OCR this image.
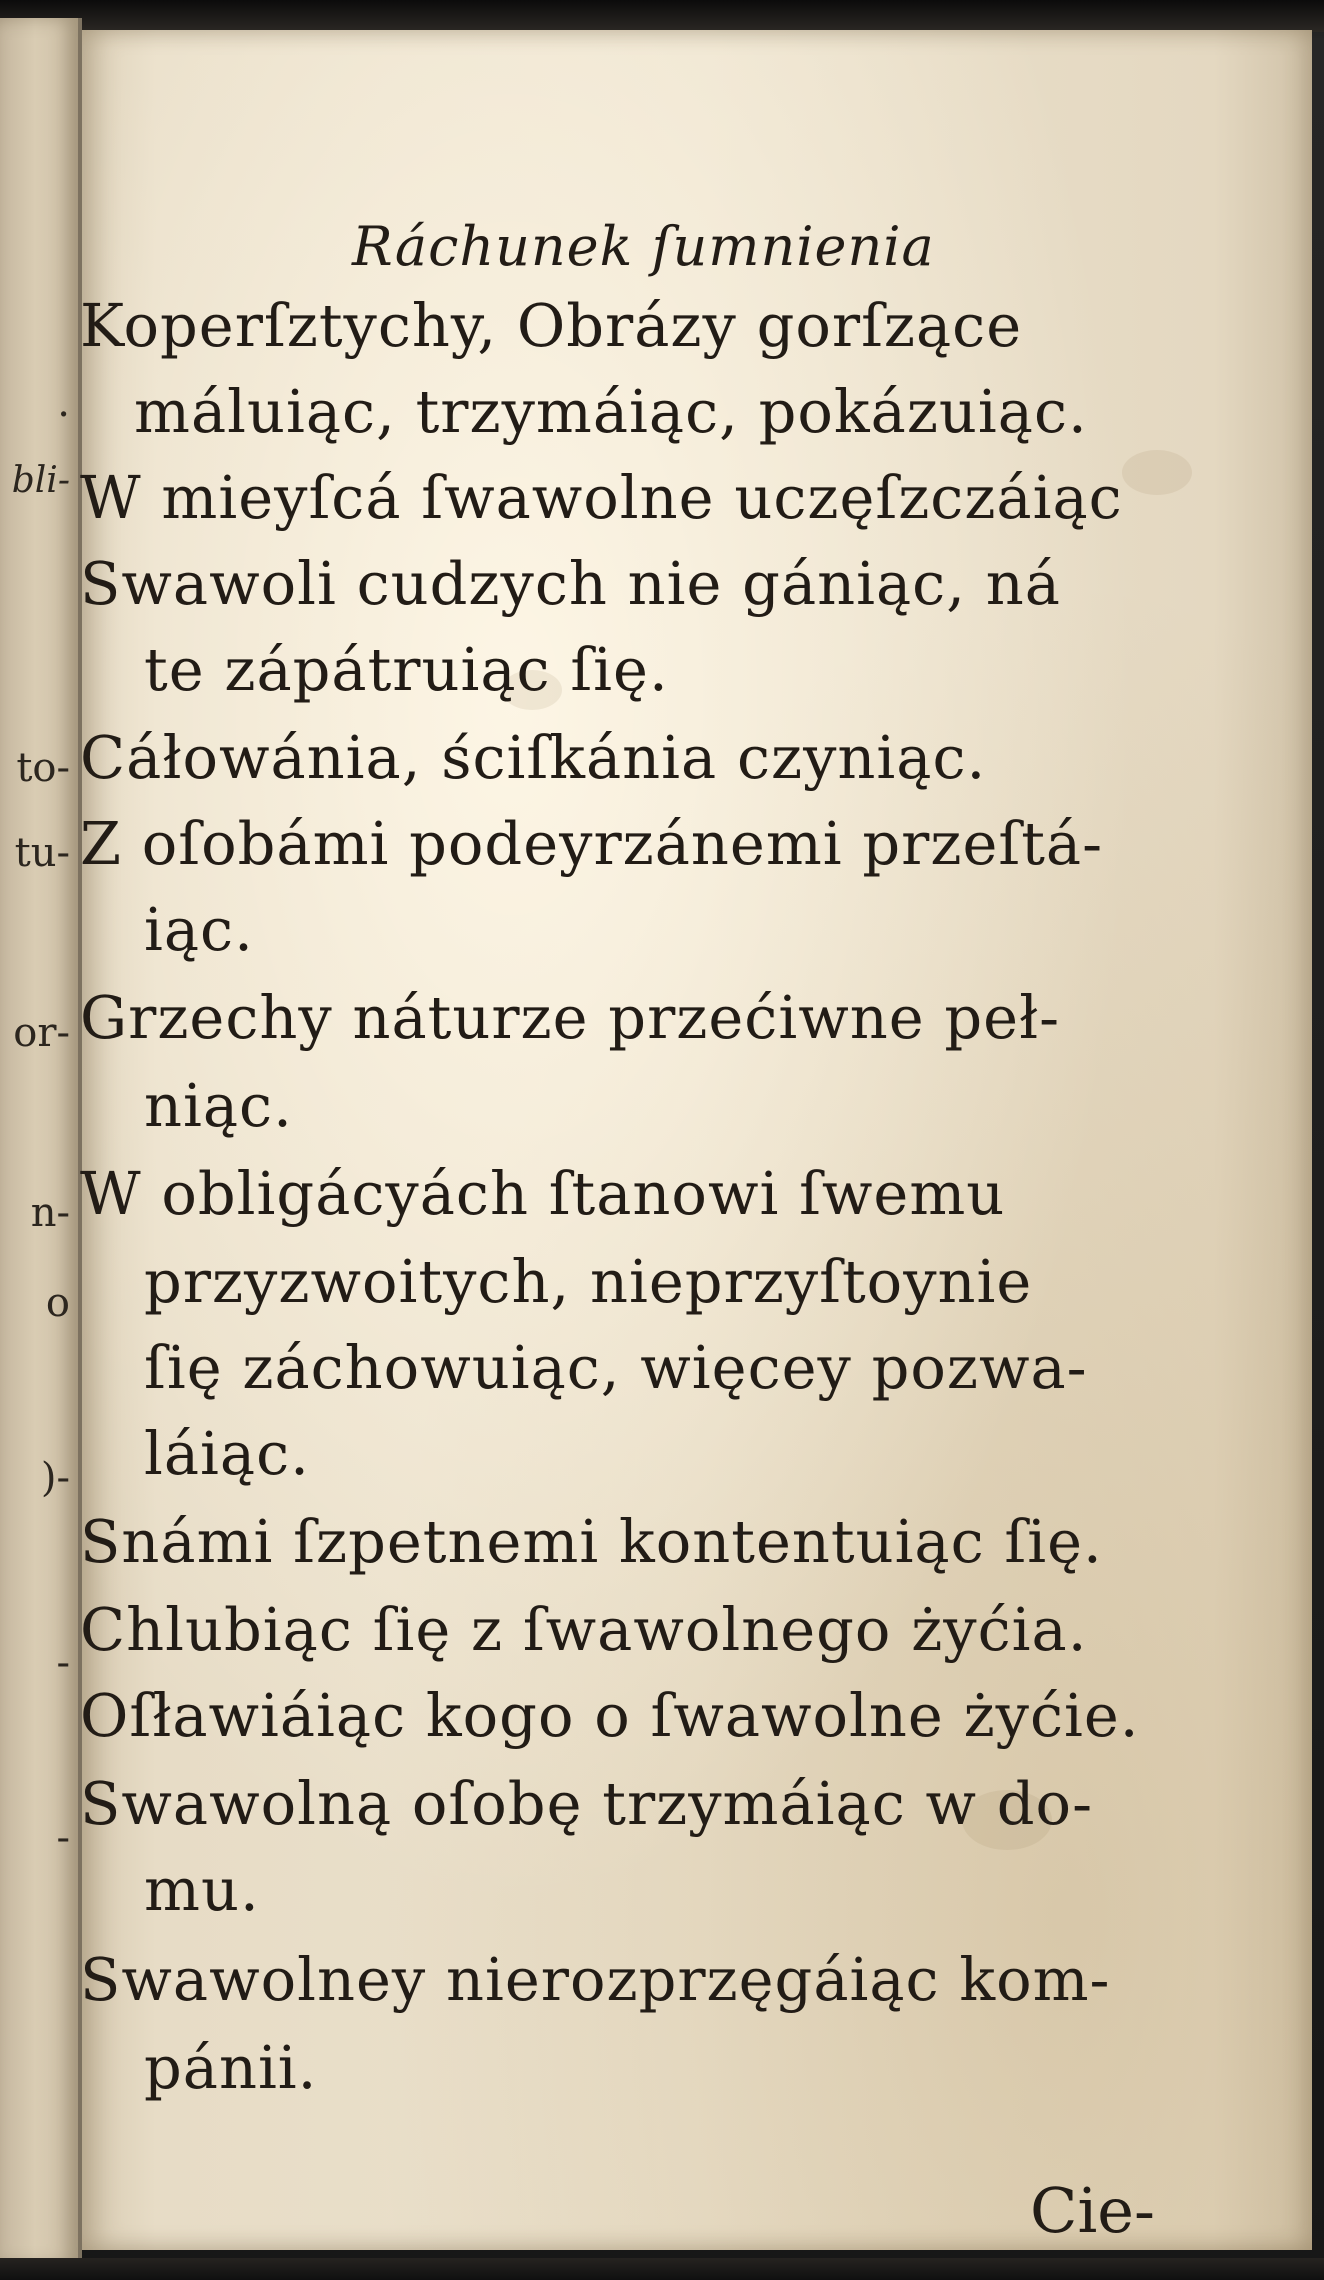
.
bli-
to-
tu-
or-
n-
o
)-
-
-
Ráchunek ſumnienia
Koperſztychy, Obrázy gorſzące
máluiąc, trzymáiąc, pokázuiąc.
W mieyſcá ſwawolne uczęſzczáiąc
Swawoli cudzych nie gániąc, ná
te zápátruiąc ſię.
Cáłowánia, ściſkánia czyniąc.
Z oſobámi podeyrzánemi przeſtá-
iąc.
Grzechy náturze przećiwne peł-
niąc.
W obligácyách ſtanowi ſwemu
przyzwoitych, nieprzyſtoynie
ſię záchowuiąc, więcey pozwa-
láiąc.
Snámi ſzpetnemi kontentuiąc ſię.
Chlubiąc ſię z ſwawolnego żyćia.
Oſławiáiąc kogo o ſwawolne żyćie.
Swawolną oſobę trzymáiąc w do-
mu.
Swawolney nierozprzęgáiąc kom-
pánii.
Cie-
